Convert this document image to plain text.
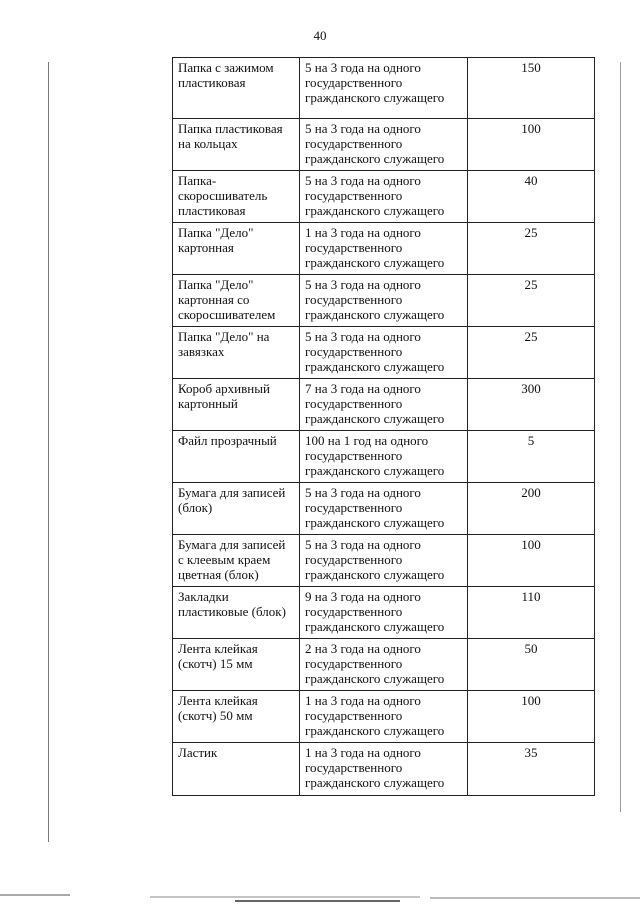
40
Папка с зажимом пластиковая	5 на 3 года на одного государственного гражданского служащего	150
Папка пластиковая на кольцах	5 на 3 года на одного государственного гражданского служащего	100
Папка-скоросшиватель пластиковая	5 на 3 года на одного государственного гражданского служащего	40
Папка "Дело" картонная	1 на 3 года на одного государственного гражданского служащего	25
Папка "Дело" картонная со скоросшивателем	5 на 3 года на одного государственного гражданского служащего	25
Папка "Дело" на завязках	5 на 3 года на одного государственного гражданского служащего	25
Короб архивный картонный	7 на 3 года на одного государственного гражданского служащего	300
Файл прозрачный	100 на 1 год на одного государственного гражданского служащего	5
Бумага для записей (блок)	5 на 3 года на одного государственного гражданского служащего	200
Бумага для записей с клеевым краем цветная (блок)	5 на 3 года на одного государственного гражданского служащего	100
Закладки пластиковые (блок)	9 на 3 года на одного государственного гражданского служащего	110
Лента клейкая (скотч) 15 мм	2 на 3 года на одного государственного гражданского служащего	50
Лента клейкая (скотч) 50 мм	1 на 3 года на одного государственного гражданского служащего	100
Ластик	1 на 3 года на одного государственного гражданского служащего	35
